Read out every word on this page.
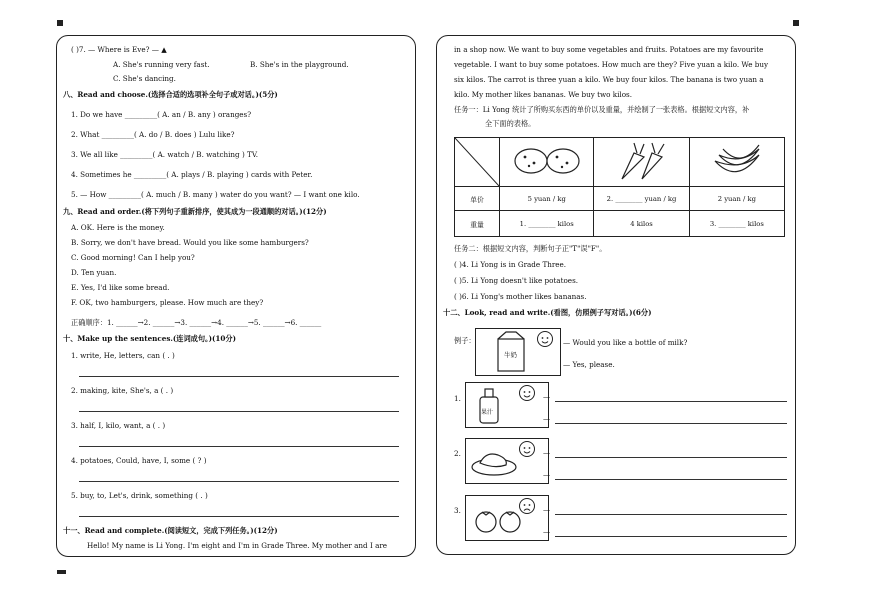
( )7. — Where is Eve? — ▲
A. She's running very fast.	B. She's in the playground.
C. She's dancing.
八、Read and choose.(选择合适的选项补全句子或对话。)(5分)
1. Do we have _________( A. an / B. any ) oranges?
2. What _________( A. do / B. does ) Lulu like?
3. We all like _________( A. watch / B. watching ) TV.
4. Sometimes he _________( A. plays / B. playing ) cards with Peter.
5. — How _________( A. much / B. many ) water do you want? — I want one kilo.
九、Read and order.(将下列句子重新排序，使其成为一段通顺的对话。)(12分)
A. OK. Here is the money.
B. Sorry, we don't have bread. Would you like some hamburgers?
C. Good morning! Can I help you?
D. Ten yuan.
E. Yes, I'd like some bread.
F. OK, two hamburgers, please. How much are they?
正确顺序：1. ______→2. ______→3. ______→4. ______→5. ______→6. ______
十、Make up the sentences.(连词成句。)(10分)
1. write, He, letters, can ( . )
2. making, kite, She's, a ( . )
3. half, I, kilo, want, a ( . )
4. potatoes, Could, have, I, some ( ? )
5. buy, to, Let's, drink, something ( . )
十一、Read and complete.(阅读短文，完成下列任务。)(12分)
Hello! My name is Li Yong. I'm eight and I'm in Grade Three. My mother and I are
in a shop now. We want to buy some vegetables and fruits. Potatoes are my favourite
vegetable. I want to buy some potatoes. How much are they? Five yuan a kilo. We buy
six kilos. The carrot is three yuan a kilo. We buy four kilos. The banana is two yuan a
kilo. My mother likes bananas. We buy two kilos.
任务一：Li Yong 统计了所购买东西的单价以及重量，并绘制了一张表格。根据短文内容，补
全下面的表格。

单价	5 yuan / kg	2. ________ yuan / kg	2 yuan / kg
重量	1. ________ kilos	4 kilos	3. ________ kilos
任务二：根据短文内容，判断句子正"T"误"F"。
( )4. Li Yong is in Grade Three.
( )5. Li Yong doesn't like potatoes.
( )6. Li Yong's mother likes bananas.
十二、Look, read and write.(看图，仿照例子写对话。)(6分)
例子：
牛奶
— Would you like a bottle of milk?
— Yes, please.
1.
果汁
—
—
2.	—
—
3.	—
—
